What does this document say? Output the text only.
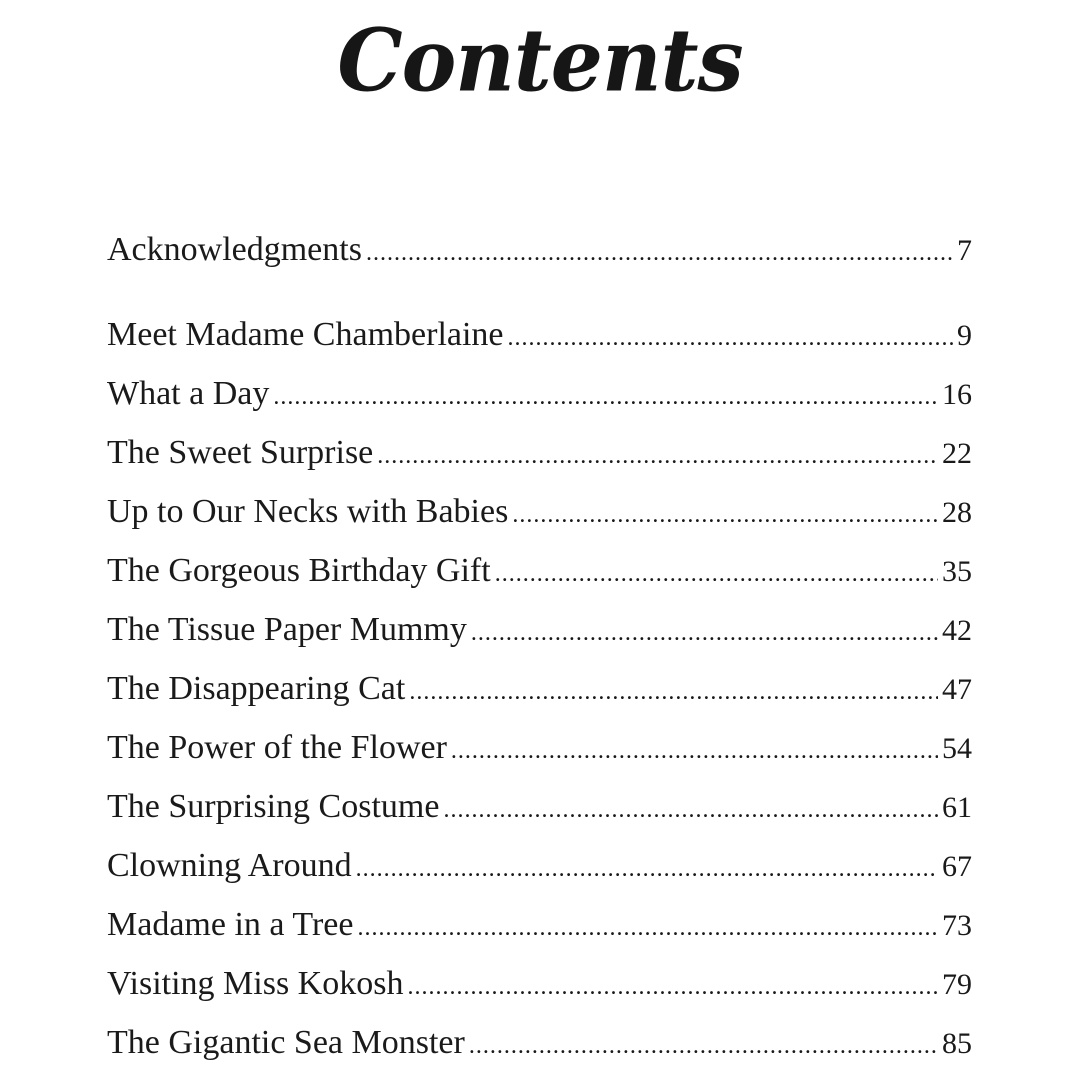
Contents
Acknowledgments .....	7
Meet Madame Chamberlaine .....	9
What a Day .....	16
The Sweet Surprise .....	22
Up to Our Necks with Babies .....	28
The Gorgeous Birthday Gift .....	35
The Tissue Paper Mummy .....	42
The Disappearing Cat .....	47
The Power of the Flower .....	54
The Surprising Costume .....	61
Clowning Around .....	67
Madame in a Tree .....	73
Visiting Miss Kokosh .....	79
The Gigantic Sea Monster .....	85
